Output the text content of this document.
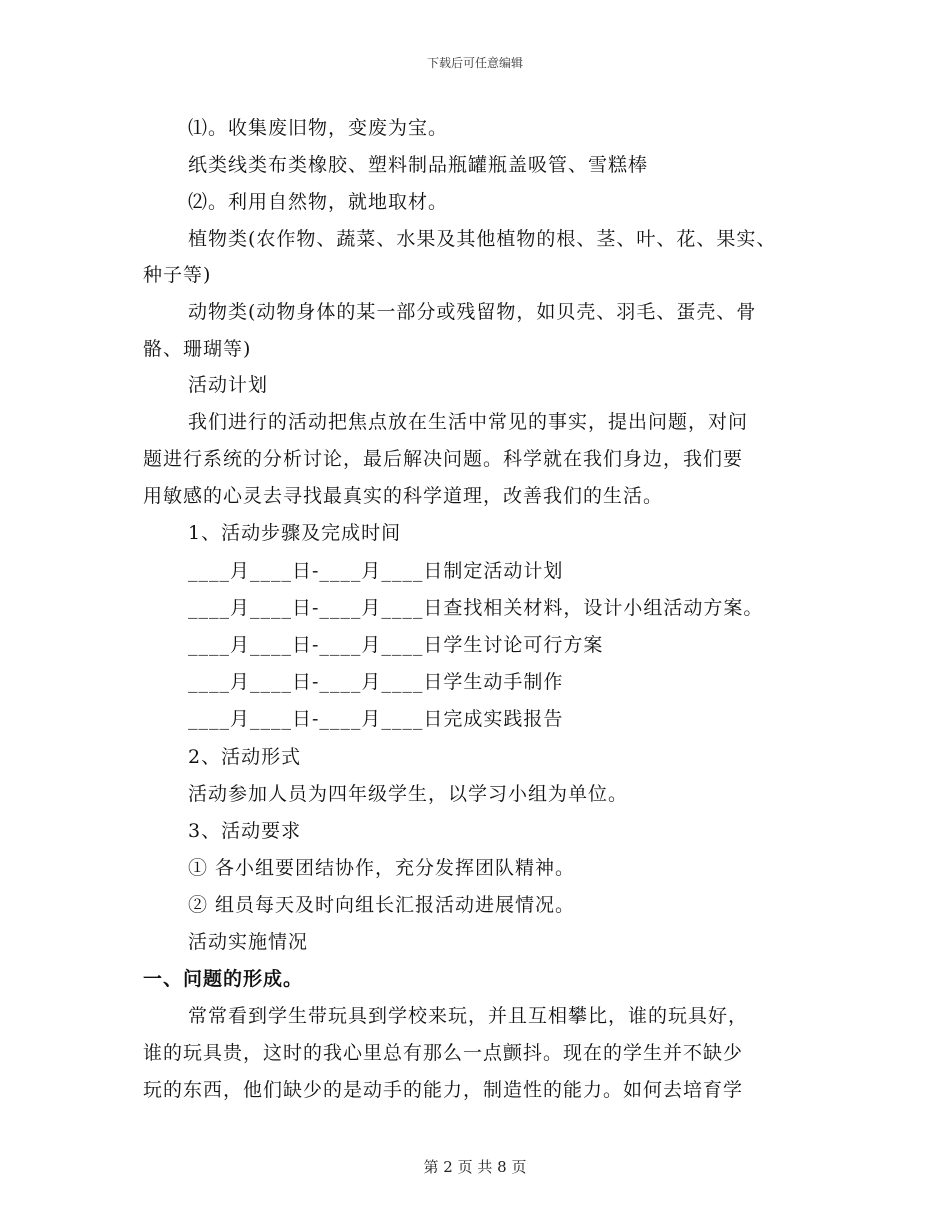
下载后可任意编辑
⑴。收集废旧物，变废为宝。
纸类线类布类橡胶、塑料制品瓶罐瓶盖吸管、雪糕棒
⑵。利用自然物，就地取材。
植物类(农作物、蔬菜、水果及其他植物的根、茎、叶、花、果实、
种子等)
动物类(动物身体的某一部分或残留物，如贝壳、羽毛、蛋壳、骨
骼、珊瑚等)
活动计划
我们进行的活动把焦点放在生活中常见的事实，提出问题，对问
题进行系统的分析讨论，最后解决问题。科学就在我们身边，我们要
用敏感的心灵去寻找最真实的科学道理，改善我们的生活。
1、活动步骤及完成时间
____月____日-____月____日制定活动计划
____月____日-____月____日查找相关材料，设计小组活动方案。
____月____日-____月____日学生讨论可行方案
____月____日-____月____日学生动手制作
____月____日-____月____日完成实践报告
2、活动形式
活动参加人员为四年级学生，以学习小组为单位。
3、活动要求
① 各小组要团结协作，充分发挥团队精神。
② 组员每天及时向组长汇报活动进展情况。
活动实施情况
一、问题的形成。
常常看到学生带玩具到学校来玩，并且互相攀比，谁的玩具好，
谁的玩具贵，这时的我心里总有那么一点颤抖。现在的学生并不缺少
玩的东西，他们缺少的是动手的能力，制造性的能力。如何去培育学
第 2 页 共 8 页
